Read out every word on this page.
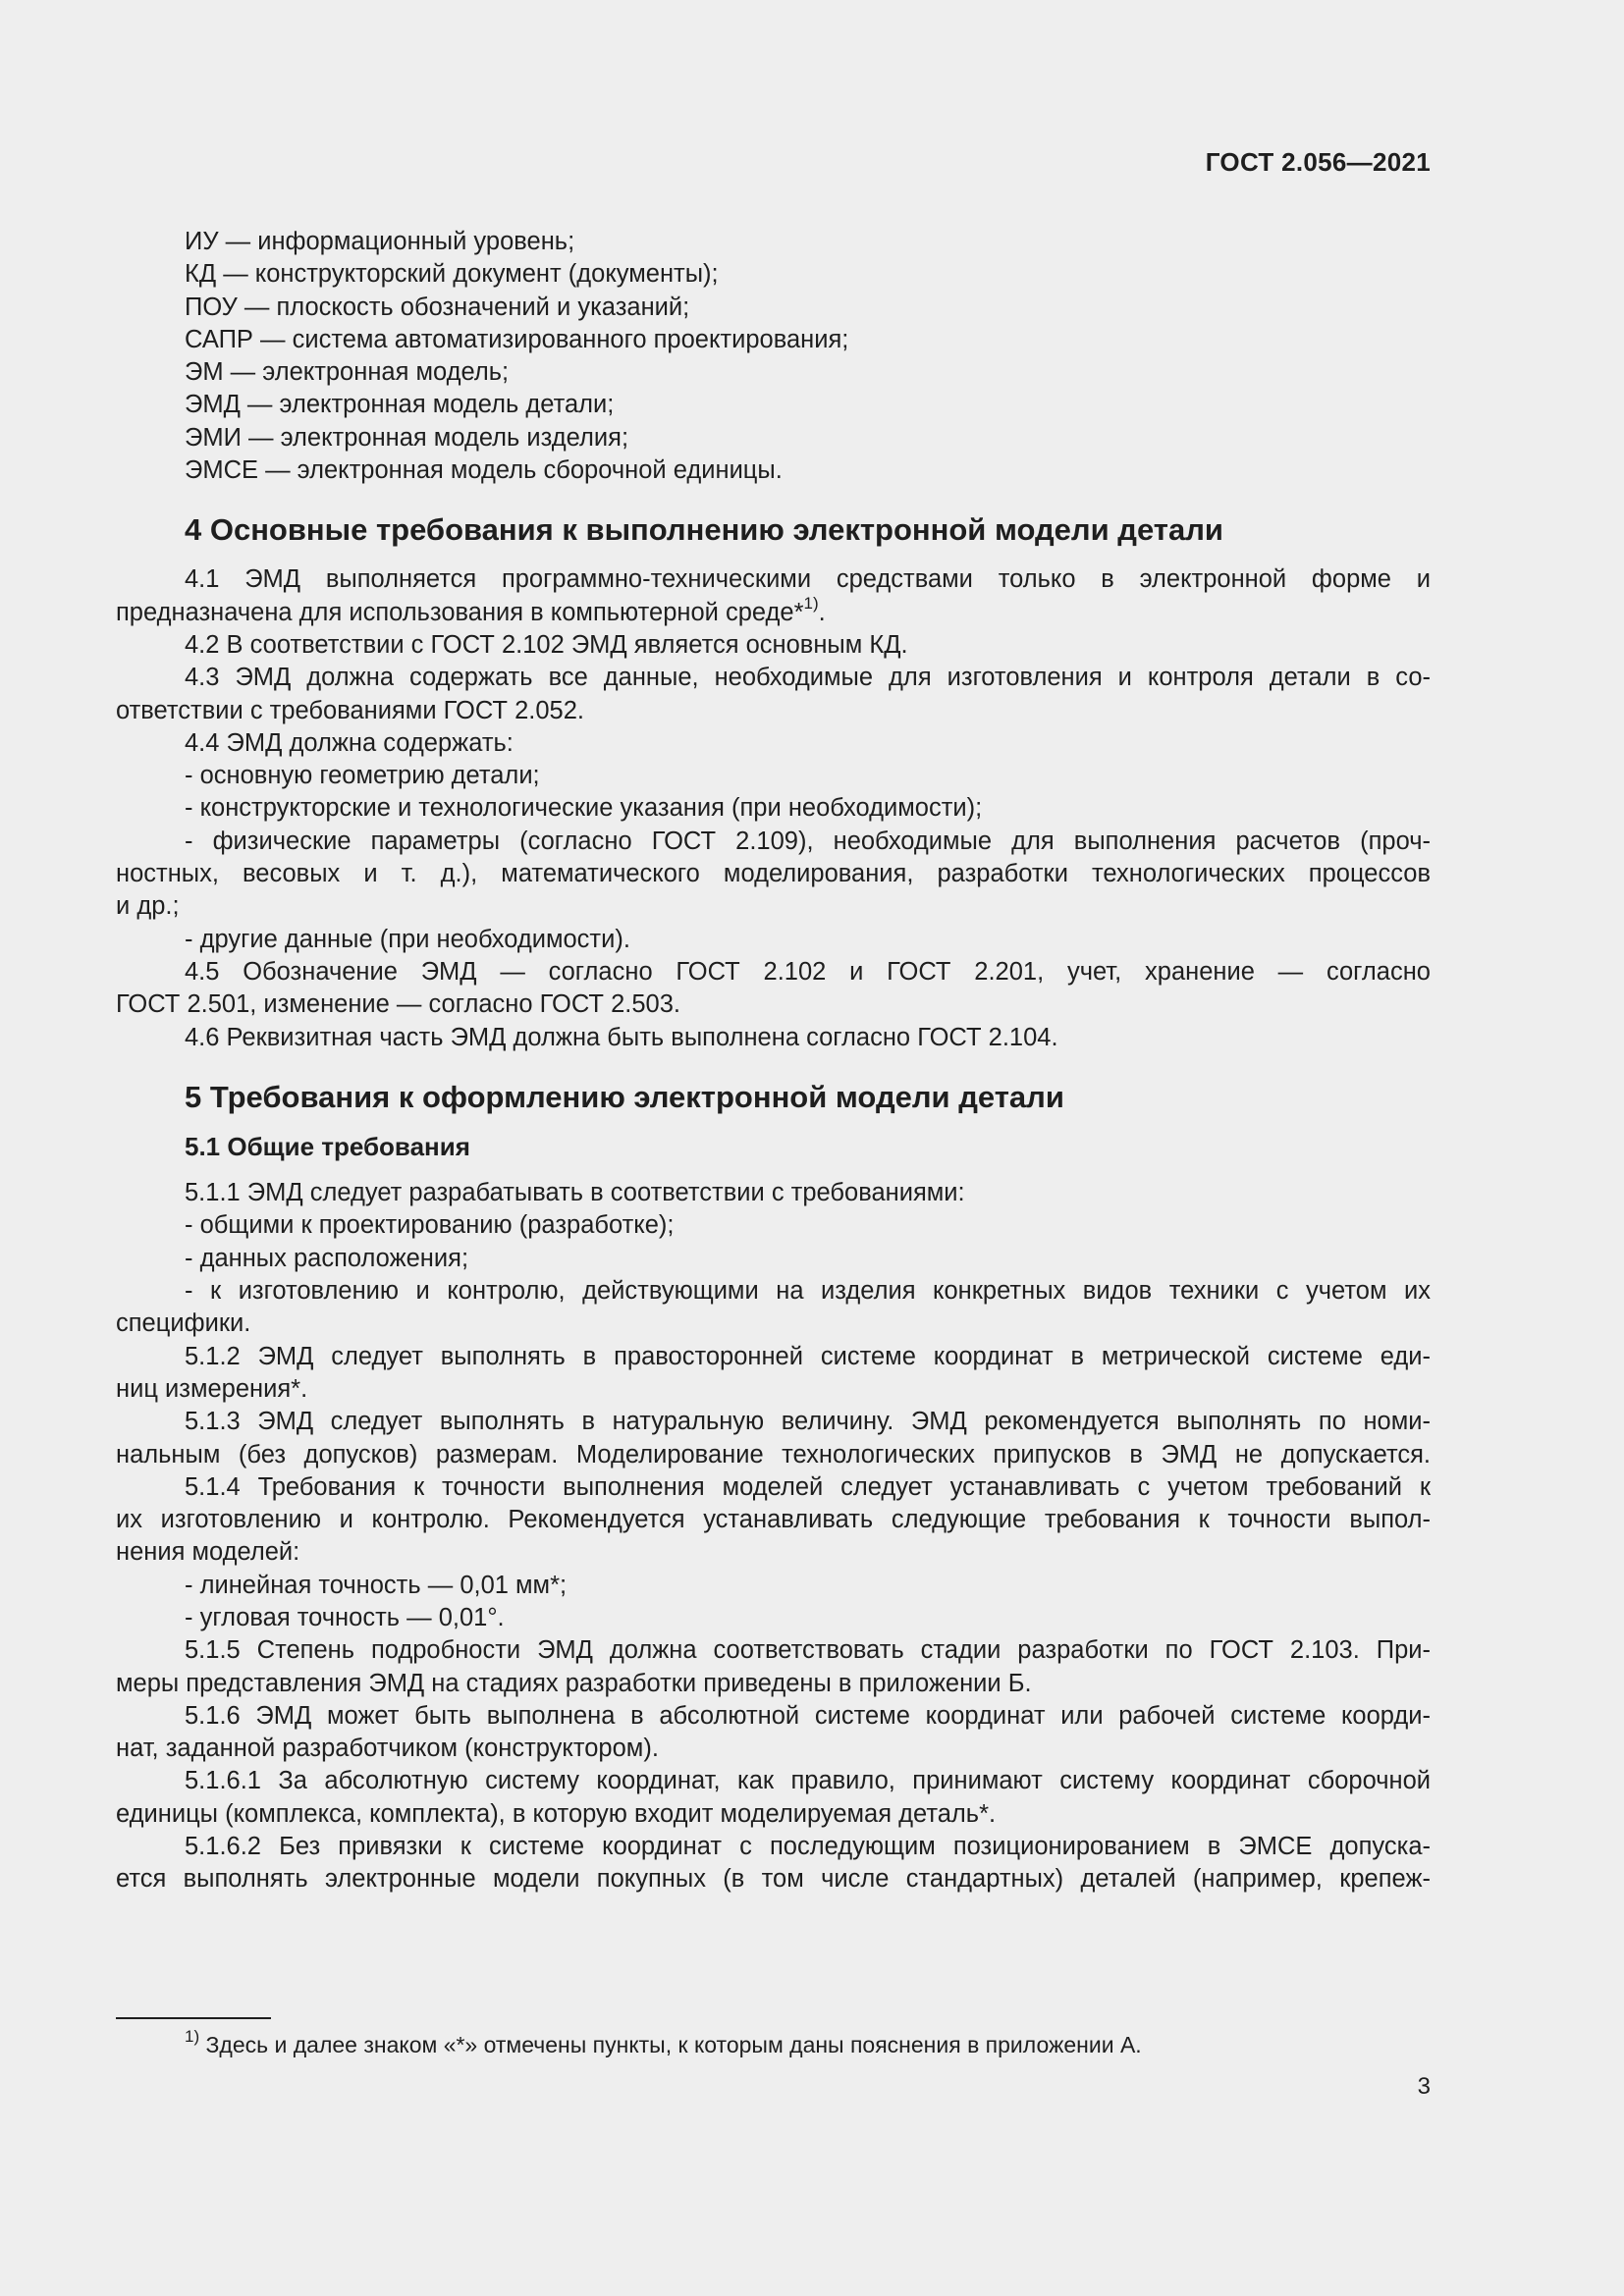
ГОСТ 2.056—2021
ИУ — информационный уровень;
КД — конструкторский документ (документы);
ПОУ — плоскость обозначений и указаний;
САПР — система автоматизированного проектирования;
ЭМ — электронная модель;
ЭМД — электронная модель детали;
ЭМИ — электронная модель изделия;
ЭМСЕ — электронная модель сборочной единицы.
4 Основные требования к выполнению электронной модели детали
4.1 ЭМД выполняется программно-техническими средствами только в электронной форме и
предназначена для использования в компьютерной среде*$^{1)}$.
4.2 В соответствии с ГОСТ 2.102 ЭМД является основным КД.
4.3 ЭМД должна содержать все данные, необходимые для изготовления и контроля детали в со-
ответствии с требованиями ГОСТ 2.052.
4.4 ЭМД должна содержать:
- основную геометрию детали;
- конструкторские и технологические указания (при необходимости);
- физические параметры (согласно ГОСТ 2.109), необходимые для выполнения расчетов (проч-
ностных, весовых и т. д.), математического моделирования, разработки технологических процессов
и др.;
- другие данные (при необходимости).
4.5 Обозначение ЭМД — согласно ГОСТ 2.102 и ГОСТ 2.201, учет, хранение — согласно
ГОСТ 2.501, изменение — согласно ГОСТ 2.503.
4.6 Реквизитная часть ЭМД должна быть выполнена согласно ГОСТ 2.104.
5 Требования к оформлению электронной модели детали
5.1 Общие требования
5.1.1 ЭМД следует разрабатывать в соответствии с требованиями:
- общими к проектированию (разработке);
- данных расположения;
- к изготовлению и контролю, действующими на изделия конкретных видов техники с учетом их
специфики.
5.1.2 ЭМД следует выполнять в правосторонней системе координат в метрической системе еди-
ниц измерения*.
5.1.3 ЭМД следует выполнять в натуральную величину. ЭМД рекомендуется выполнять по номи-
нальным (без допусков) размерам. Моделирование технологических припусков в ЭМД не допускается.
5.1.4 Требования к точности выполнения моделей следует устанавливать с учетом требований к
их изготовлению и контролю. Рекомендуется устанавливать следующие требования к точности выпол-
нения моделей:
- линейная точность — 0,01 мм*;
- угловая точность — 0,01°.
5.1.5 Степень подробности ЭМД должна соответствовать стадии разработки по ГОСТ 2.103. При-
меры представления ЭМД на стадиях разработки приведены в приложении Б.
5.1.6 ЭМД может быть выполнена в абсолютной системе координат или рабочей системе коорди-
нат, заданной разработчиком (конструктором).
5.1.6.1 За абсолютную систему координат, как правило, принимают систему координат сборочной
единицы (комплекса, комплекта), в которую входит моделируемая деталь*.
5.1.6.2 Без привязки к системе координат с последующим позиционированием в ЭМСЕ допуска-
ется выполнять электронные модели покупных (в том числе стандартных) деталей (например, крепеж-
$^{1)}$ Здесь и далее знаком «*» отмечены пункты, к которым даны пояснения в приложении А.
3
